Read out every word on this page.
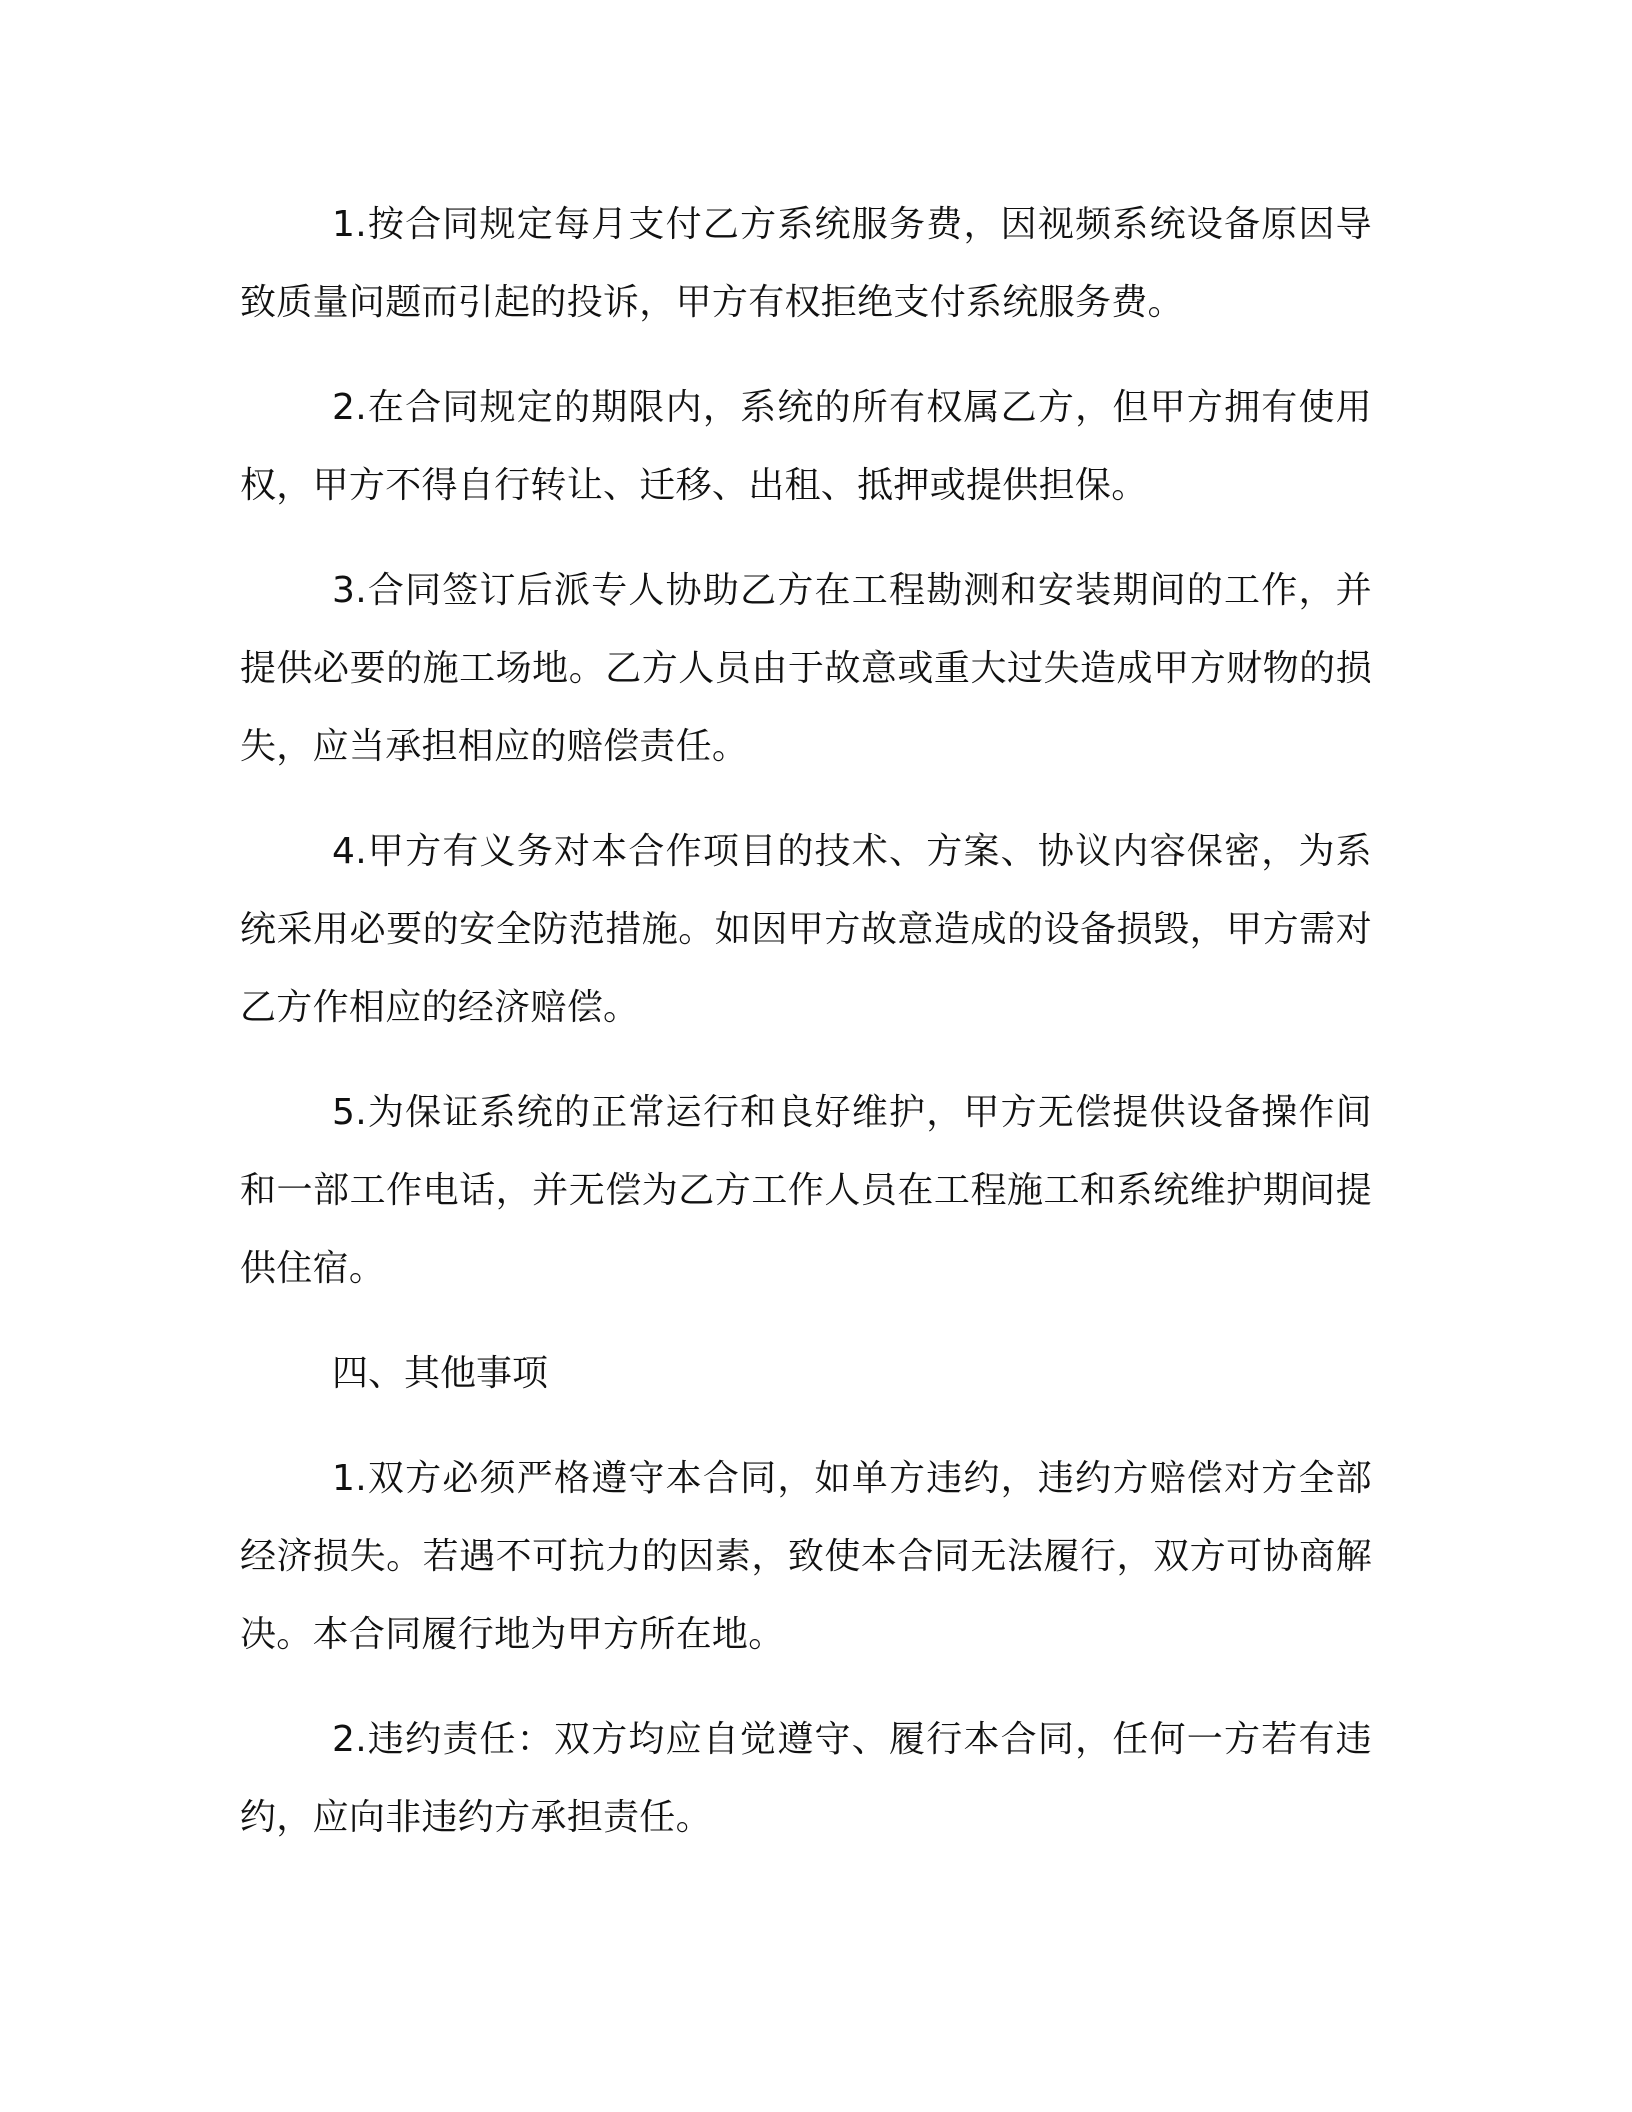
1.按合同规定每月支付乙方系统服务费，因视频系统设备原因导致质量问题而引起的投诉，甲方有权拒绝支付系统服务费。

2.在合同规定的期限内，系统的所有权属乙方，但甲方拥有使用权，甲方不得自行转让、迁移、出租、抵押或提供担保。

3.合同签订后派专人协助乙方在工程勘测和安装期间的工作，并提供必要的施工场地。乙方人员由于故意或重大过失造成甲方财物的损失，应当承担相应的赔偿责任。

4.甲方有义务对本合作项目的技术、方案、协议内容保密，为系统采用必要的安全防范措施。如因甲方故意造成的设备损毁，甲方需对乙方作相应的经济赔偿。

5.为保证系统的正常运行和良好维护，甲方无偿提供设备操作间和一部工作电话，并无偿为乙方工作人员在工程施工和系统维护期间提供住宿。

四、其他事项

1.双方必须严格遵守本合同，如单方违约，违约方赔偿对方全部经济损失。若遇不可抗力的因素，致使本合同无法履行，双方可协商解决。本合同履行地为甲方所在地。

2.违约责任：双方均应自觉遵守、履行本合同，任何一方若有违约，应向非违约方承担责任。
